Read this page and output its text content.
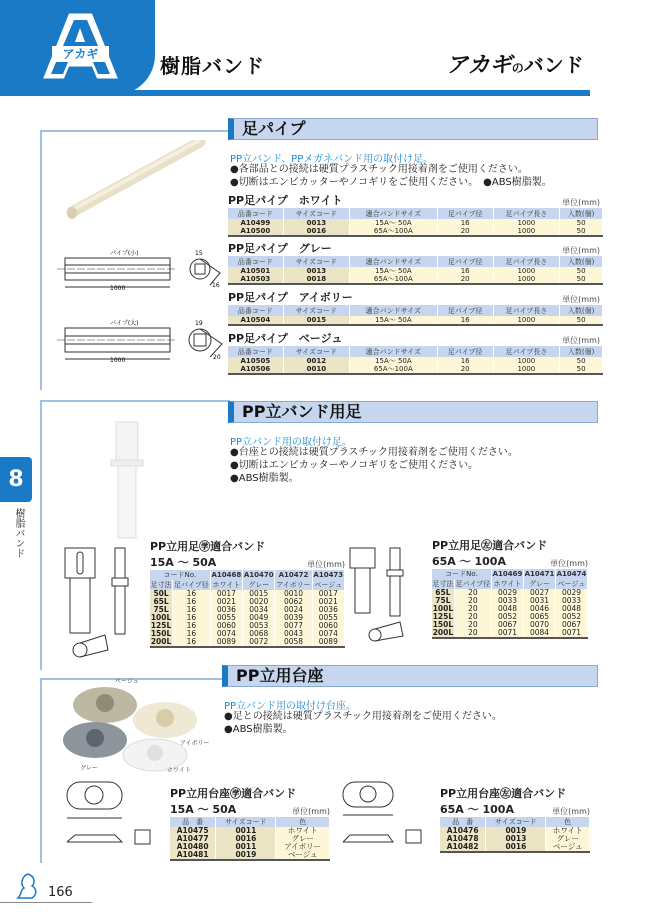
アカギ	樹脂バンド	アカギのバンド
8
樹脂バンド
足パイプ
PP立バンド、PPメガネバンド用の取付け足。
●各部品との接続は硬質プラスチック用接着剤をご使用ください。
●切断はエンビカッターやノコギリをご使用ください。　●ABS樹脂製。
パイプ(小)
1000
15
16
パイプ(大)
1000
19
20
PP足パイプ　ホワイト	単位(mm)
品番コード	サイズコード	適合バンドサイズ	足パイプ径	足パイプ長さ	入数(個)
A10499	0013	15A〜 50A	16	1000	50
A10500	0016	65A〜100A	20	1000	50
PP足パイプ　グレー	単位(mm)
品番コード	サイズコード	適合バンドサイズ	足パイプ径	足パイプ長さ	入数(個)
A10501	0013	15A〜 50A	16	1000	50
A10503	0018	65A〜100A	20	1000	50
PP足パイプ　アイボリー	単位(mm)
品番コード	サイズコード	適合バンドサイズ	足パイプ径	足パイプ長さ	入数(個)
A10504	0015	15A〜 50A	16	1000	50
PP足パイプ　ベージュ	単位(mm)
品番コード	サイズコード	適合バンドサイズ	足パイプ径	足パイプ長さ	入数(個)
A10505	0012	15A〜 50A	16	1000	50
A10506	0010	65A〜100A	20	1000	50
PP立バンド用足
PP立バンド用の取付け足。
●台座との接続は硬質プラスチック用接着剤をご使用ください。
●切断はエンビカッターやノコギリをご使用ください。
●ABS樹脂製。
PP立用足㊫適合バンド
15A 〜 50A	単位(mm)
コードNo.		A10468	A10470	A10472	A10473
足寸法	足パイプ径	ホワイト	グレー	アイボリー	ベージュ
50L	16	0017	0015	0010	0017
65L	16	0021	0020	0062	0021
75L	16	0036	0034	0024	0036
100L	16	0055	0049	0039	0055
125L	16	0060	0053	0077	0060
150L	16	0074	0068	0043	0074
200L	16	0089	0072	0058	0089
PP立用足㊧適合バンド
65A 〜 100A	単位(mm)
コードNo.		A10469	A10471	A10474
足寸法	足パイプ径	ホワイト	グレー	ベージュ
65L	20	0029	0027	0029
75L	20	0033	0031	0033
100L	20	0048	0046	0048
125L	20	0052	0065	0052
150L	20	0067	0070	0067
200L	20	0071	0084	0071
PP立用台座
PP立バンド用の取付け台座。
●足との接続は硬質プラスチック用接着剤をご使用ください。
●ABS樹脂製。
ベージュ
アイボリー
グレー	ホワイト
PP立用台座㊫適合バンド
15A 〜 50A	単位(mm)
品　番	サイズコード	色
A10475	0011	ホワイト
A10477	0016	グレー
A10480	0011	アイボリー
A10481	0019	ベージュ
PP立用台座㊧適合バンド
65A 〜 100A	単位(mm)
品　番	サイズコード	色
A10476	0019	ホワイト
A10478	0013	グレー
A10482	0016	ベージュ
166
